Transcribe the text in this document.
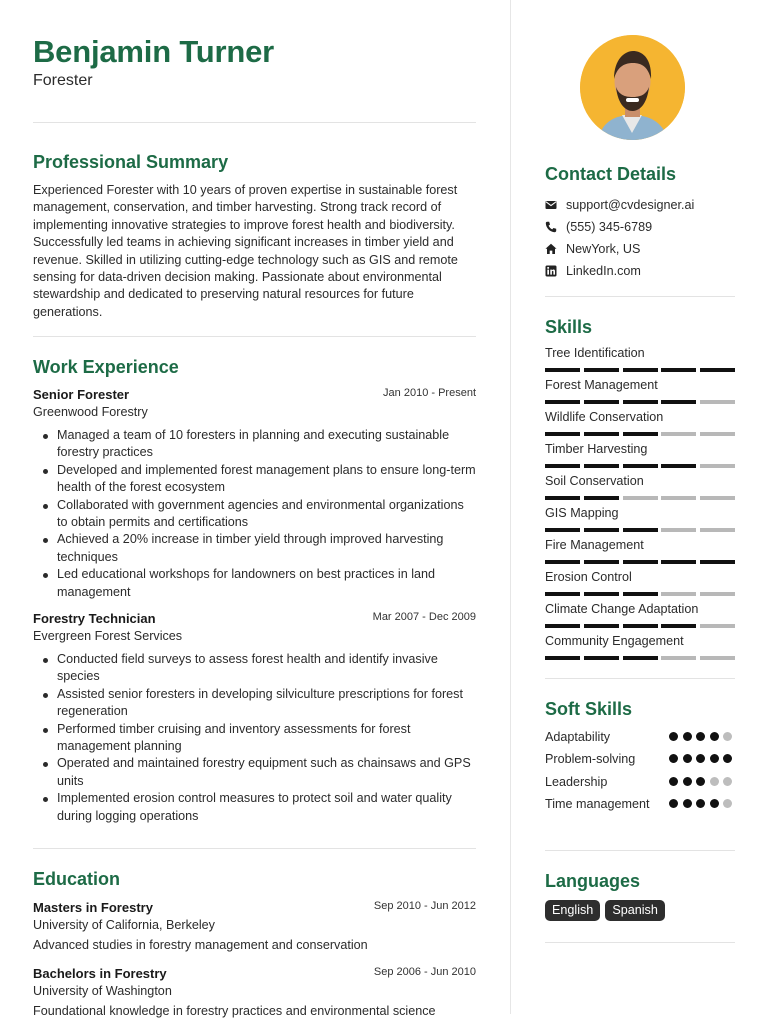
Benjamin Turner
Forester
Professional Summary
Experienced Forester with 10 years of proven expertise in sustainable forest management, conservation, and timber harvesting. Strong track record of implementing innovative strategies to improve forest health and biodiversity. Successfully led teams in achieving significant increases in timber yield and revenue. Skilled in utilizing cutting-edge technology such as GIS and remote sensing for data-driven decision making. Passionate about environmental stewardship and dedicated to preserving natural resources for future generations.
Work Experience
Senior Forester	Jan 2010 - Present
Greenwood Forestry
Managed a team of 10 foresters in planning and executing sustainable forestry practices
Developed and implemented forest management plans to ensure long-term health of the forest ecosystem
Collaborated with government agencies and environmental organizations to obtain permits and certifications
Achieved a 20% increase in timber yield through improved harvesting techniques
Led educational workshops for landowners on best practices in land management
Forestry Technician	Mar 2007 - Dec 2009
Evergreen Forest Services
Conducted field surveys to assess forest health and identify invasive species
Assisted senior foresters in developing silviculture prescriptions for forest regeneration
Performed timber cruising and inventory assessments for forest management planning
Operated and maintained forestry equipment such as chainsaws and GPS units
Implemented erosion control measures to protect soil and water quality during logging operations
Education
Masters in Forestry	Sep 2010 - Jun 2012
University of California, Berkeley
Advanced studies in forestry management and conservation
Bachelors in Forestry	Sep 2006 - Jun 2010
University of Washington
Foundational knowledge in forestry practices and environmental science
Contact Details
support@cvdesigner.ai
(555) 345-6789
NewYork, US
LinkedIn.com
Skills
Tree Identification
Forest Management
Wildlife Conservation
Timber Harvesting
Soil Conservation
GIS Mapping
Fire Management
Erosion Control
Climate Change Adaptation
Community Engagement
Soft Skills
Adaptability
Problem-solving
Leadership
Time management
Languages
English Spanish
